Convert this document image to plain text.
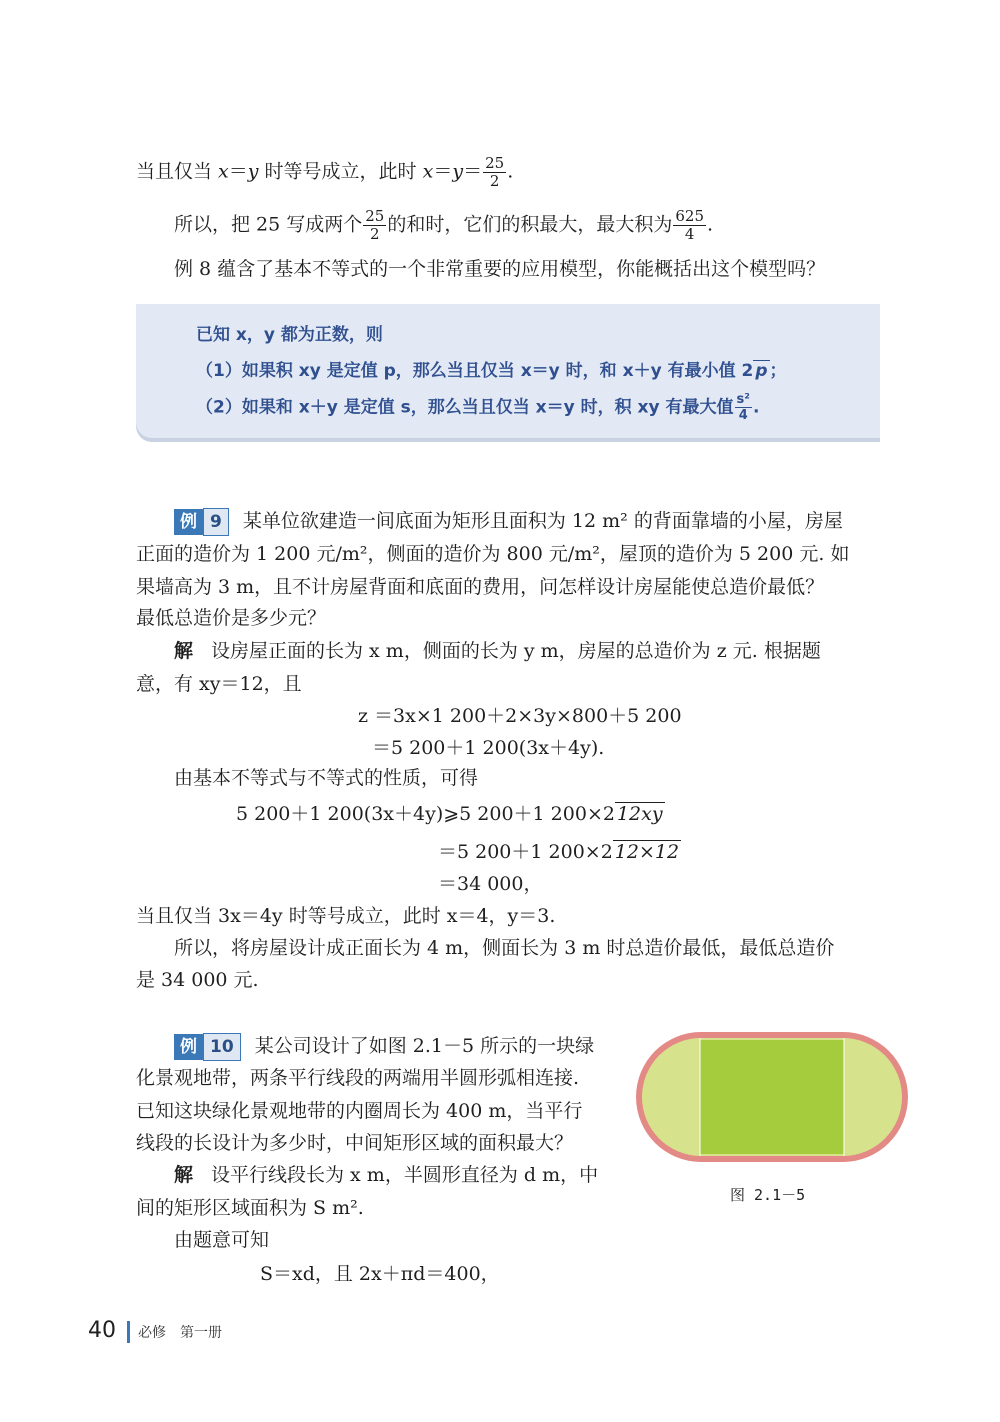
当且仅当 x＝y 时等号成立，此时 $x=y= \frac{25}{2}$ .
所以，把 25 写成两个 $\frac{25}{2}$ 的和时，它们的积最大，最大积为 $\frac{625}{4}$ .
例 8 蕴含了基本不等式的一个非常重要的应用模型，你能概括出这个模型吗？
已知 x，y 都为正数，则
（1）如果积 xy 是定值 p，那么当且仅当 x＝y 时，和 x＋y 有最小值 2 p ；
（2）如果和 x＋y 是定值 s，那么当且仅当 x＝y 时，积 xy 有最大值 $\frac{\text{s²}}{4}$ .
例 9 某单位欲建造一间底面为矩形且面积为 12 m² 的背面靠墙的小屋，房屋
正面的造价为 1 200 元/m²，侧面的造价为 800 元/m²，屋顶的造价为 5 200 元. 如
果墙高为 3 m，且不计房屋背面和底面的费用，问怎样设计房屋能使总造价最低？
最低总造价是多少元？
解 设房屋正面的长为 x m，侧面的长为 y m，房屋的总造价为 z 元. 根据题
意，有 xy＝12，且
z ＝3x×1 200＋2×3y×800＋5 200
＝5 200＋1 200(3x＋4y).
由基本不等式与不等式的性质，可得
5 200＋1 200(3x＋4y)⩾5 200＋1 200×2 12xy
＝5 200＋1 200×2 12×12
＝34 000，
当且仅当 3x＝4y 时等号成立，此时 x＝4，y＝3.
所以，将房屋设计成正面长为 4 m，侧面长为 3 m 时总造价最低，最低总造价
是 34 000 元.
例 10 某公司设计了如图 2.1－5 所示的一块绿
化景观地带，两条平行线段的两端用半圆形弧相连接.
已知这块绿化景观地带的内圈周长为 400 m，当平行
线段的长设计为多少时，中间矩形区域的面积最大？
解 设平行线段长为 x m，半圆形直径为 d m，中
间的矩形区域面积为 S m².
由题意可知
S＝xd，且 2x＋πd＝400，
图 2.1－5
40 必修　第一册
